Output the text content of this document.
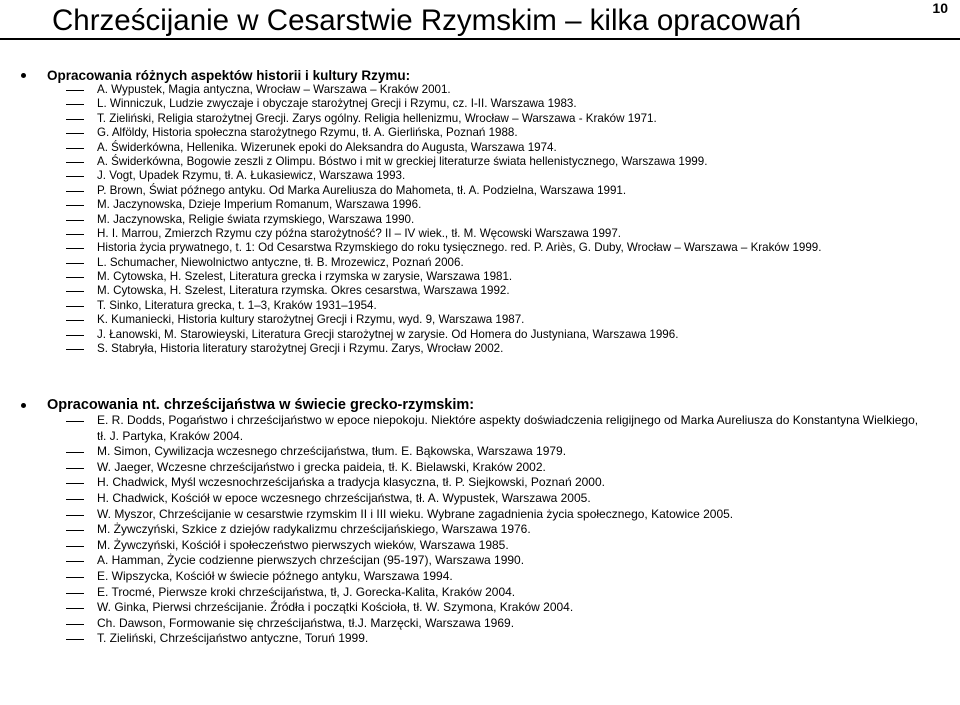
Chrześcijanie w Cesarstwie Rzymskim – kilka opracowań	10
Opracowania różnych aspektów historii i kultury Rzymu:
A. Wypustek, Magia antyczna, Wrocław – Warszawa – Kraków 2001.
L. Winniczuk, Ludzie zwyczaje i obyczaje starożytnej Grecji i Rzymu, cz. I-II. Warszawa 1983.
T. Zieliński, Religia starożytnej Grecji. Zarys ogólny. Religia hellenizmu, Wrocław – Warszawa - Kraków 1971.
G. Alföldy, Historia społeczna starożytnego Rzymu, tł. A. Gierlińska, Poznań 1988.
A. Świderkówna, Hellenika. Wizerunek epoki do Aleksandra do Augusta, Warszawa 1974.
A. Świderkówna, Bogowie zeszli z Olimpu. Bóstwo i mit w greckiej literaturze świata hellenistycznego, Warszawa 1999.
J. Vogt, Upadek Rzymu, tł. A. Łukasiewicz, Warszawa 1993.
P. Brown, Świat późnego antyku. Od Marka Aureliusza do Mahometa, tł. A. Podzielna, Warszawa 1991.
M. Jaczynowska, Dzieje Imperium Romanum, Warszawa 1996.
M. Jaczynowska, Religie świata rzymskiego, Warszawa 1990.
H. I. Marrou, Zmierzch Rzymu czy późna starożytność? II – IV wiek., tł. M. Węcowski Warszawa 1997.
Historia życia prywatnego, t. 1: Od Cesarstwa Rzymskiego do roku tysięcznego. red. P. Ariès, G. Duby, Wrocław – Warszawa – Kraków 1999.
L. Schumacher, Niewolnictwo antyczne, tł. B. Mrozewicz, Poznań 2006.
M. Cytowska, H. Szelest, Literatura grecka i rzymska w zarysie, Warszawa 1981.
M. Cytowska, H. Szelest, Literatura rzymska. Okres cesarstwa, Warszawa 1992.
T. Sinko, Literatura grecka, t. 1–3, Kraków 1931–1954.
K. Kumaniecki, Historia kultury starożytnej Grecji i Rzymu, wyd. 9, Warszawa 1987.
J. Łanowski, M. Starowieyski, Literatura Grecji starożytnej w zarysie. Od Homera do Justyniana, Warszawa 1996.
S. Stabryła, Historia literatury starożytnej Grecji i Rzymu. Zarys, Wrocław 2002.
Opracowania nt. chrześcijaństwa w świecie grecko-rzymskim:
E. R. Dodds, Pogaństwo i chrześcijaństwo w epoce niepokoju. Niektóre aspekty doświadczenia religijnego od Marka Aureliusza do Konstantyna Wielkiego, tł. J. Partyka, Kraków 2004.
M. Simon, Cywilizacja wczesnego chrześcijaństwa, tłum. E. Bąkowska, Warszawa 1979.
W. Jaeger, Wczesne chrześcijaństwo i grecka paideia, tł. K. Bielawski, Kraków 2002.
H. Chadwick, Myśl wczesnochrześcijańska a tradycja klasyczna, tł. P. Siejkowski, Poznań 2000.
H. Chadwick, Kościół w epoce wczesnego chrześcijaństwa, tł. A. Wypustek, Warszawa 2005.
W. Myszor, Chrześcijanie w cesarstwie rzymskim II i III wieku. Wybrane zagadnienia życia społecznego, Katowice 2005.
M. Żywczyński, Szkice z dziejów radykalizmu chrześcijańskiego, Warszawa 1976.
M. Żywczyński, Kościół i społeczeństwo pierwszych wieków, Warszawa 1985.
A. Hamman, Życie codzienne pierwszych chrześcijan (95-197), Warszawa 1990.
E. Wipszycka, Kościół w świecie późnego antyku, Warszawa 1994.
E. Trocmé, Pierwsze kroki chrześcijaństwa, tł, J. Gorecka-Kalita, Kraków 2004.
W. Ginka, Pierwsi chrześcijanie. Źródła i początki Kościoła, tł. W. Szymona, Kraków 2004.
Ch. Dawson, Formowanie się chrześcijaństwa, tł.J. Marzęcki, Warszawa 1969.
T. Zieliński, Chrześcijaństwo antyczne, Toruń 1999.
